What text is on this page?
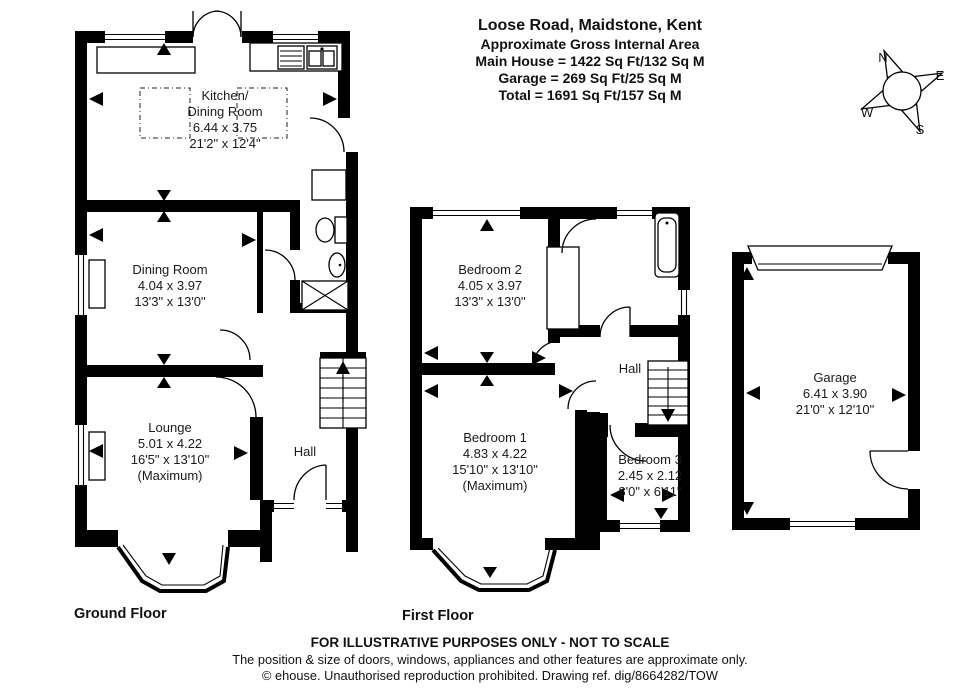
Loose Road, Maidstone, Kent
Approximate Gross Internal Area
Main House = 1422 Sq Ft/132 Sq M
Garage = 269 Sq Ft/25 Sq M
Total = 1691 Sq Ft/157 Sq M
N
E
W
S
Kitchen/
Dining Room
6.44 x 3.75
21'2" x 12'4"
Dining Room
4.04 x 3.97
13'3" x 13'0"
Lounge
5.01 x 4.22
16'5" x 13'10"
(Maximum)
Hall
Bedroom 2
4.05 x 3.97
13'3" x 13'0"
Bedroom 1
4.83 x 4.22
15'10" x 13'10"
(Maximum)
Bedroom 3
2.45 x 2.12
8'0" x 6'11"
Hall
Garage
6.41 x 3.90
21'0" x 12'10"
Ground Floor	First Floor
FOR ILLUSTRATIVE PURPOSES ONLY - NOT TO SCALE
The position & size of doors, windows, appliances and other features are approximate only.
© ehouse. Unauthorised reproduction prohibited. Drawing ref. dig/8664282/TOW
